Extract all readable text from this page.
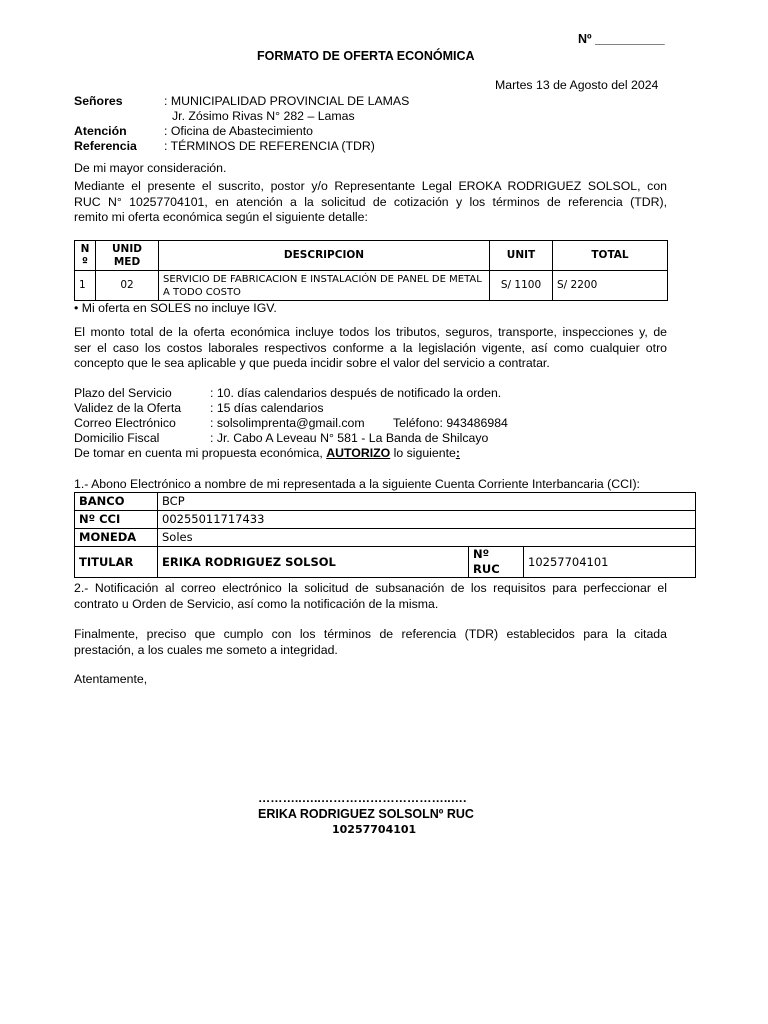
Nº __________
FORMATO DE OFERTA ECONÓMICA
Martes 13 de Agosto del 2024
Señores	: MUNICIPALIDAD PROVINCIAL DE LAMAS
Jr. Zósimo Rivas N° 282 – Lamas
Atención	: Oficina de Abastecimiento
Referencia : TÉRMINOS DE REFERENCIA (TDR)
De mi mayor consideración.
Mediante el presente el suscrito, postor y/o Representante Legal EROKA RODRIGUEZ SOLSOL, con
RUC N° 10257704101, en atención a la solicitud de cotización y los términos de referencia (TDR),
remito mi oferta económica según el siguiente detalle:
N º	UNID MED	DESCRIPCION	UNIT	TOTAL
1	02	SERVICIO DE FABRICACION E INSTALACIÓN DE PANEL DE METAL A TODO COSTO	S/ 1100	S/ 2200
• Mi oferta en SOLES no incluye IGV.
El monto total de la oferta económica incluye todos los tributos, seguros, transporte, inspecciones y, de
ser el caso los costos laborales respectivos conforme a la legislación vigente, así como cualquier otro
concepto que le sea aplicable y que pueda incidir sobre el valor del servicio a contratar.
Plazo del Servicio	: 10. días calendarios después de notificado la orden.
Validez de la Oferta : 15 días calendarios
Correo Electrónico	: solsolimprenta@gmail.com Teléfono: 943486984
Domicilio Fiscal	: Jr. Cabo A Leveau N° 581 - La Banda de Shilcayo
De tomar en cuenta mi propuesta económica, AUTORIZO lo siguiente:
1.- Abono Electrónico a nombre de mi representada a la siguiente Cuenta Corriente Interbancaria (CCI):
BANCO	BCP		
Nº CCI	00255011717433		
MONEDA	Soles		
TITULAR	ERIKA RODRIGUEZ SOLSOL	Nº RUC	10257704101
2.- Notificación al correo electrónico la solicitud de subsanación de los requisitos para perfeccionar el
contrato u Orden de Servicio, así como la notificación de la misma.
Finalmente, preciso que cumplo con los términos de referencia (TDR) establecidos para la citada
prestación, a los cuales me someto a integridad.
Atentamente,
………..…..…………………………..….
ERIKA RODRIGUEZ SOLSOLNº RUC
10257704101
